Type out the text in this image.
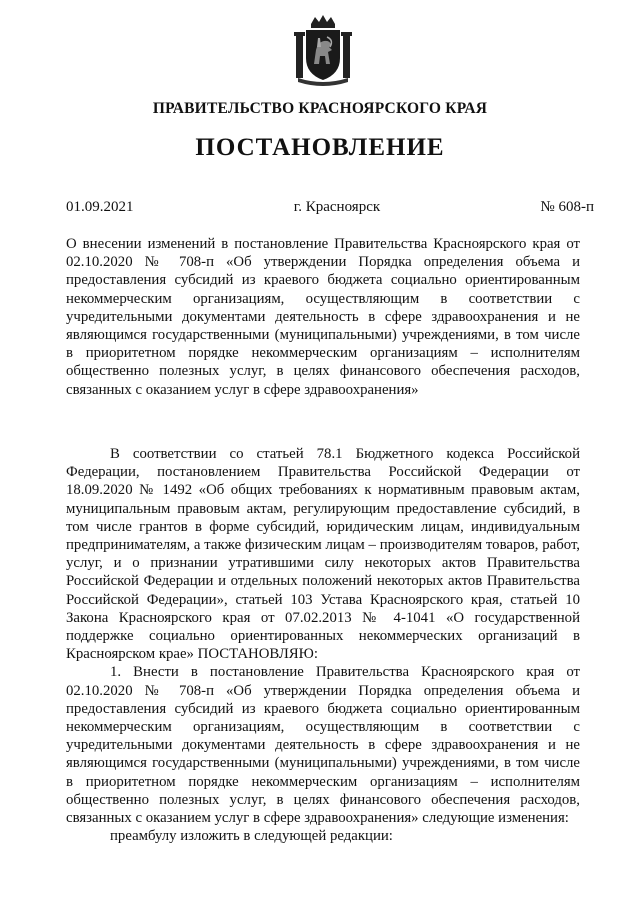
ПРАВИТЕЛЬСТВО КРАСНОЯРСКОГО КРАЯ
ПОСТАНОВЛЕНИЕ
01.09.2021	г. Красноярск	№ 608-п
О внесении изменений в постановление Правительства Красноярского края от 02.10.2020 № 708-п «Об утверждении Порядка определения объема и предоставления субсидий из краевого бюджета социально ориентированным некоммерческим организациям, осуществляющим в соответствии с учредительными документами деятельность в сфере здравоохранения и не являющимся государственными (муниципальными) учреждениями, в том числе в приоритетном порядке некоммерческим организациям – исполнителям общественно полезных услуг, в целях финансового обеспечения расходов, связанных с оказанием услуг в сфере здравоохранения»

В соответствии со статьей 78.1 Бюджетного кодекса Российской Федерации, постановлением Правительства Российской Федерации от 18.09.2020 № 1492 «Об общих требованиях к нормативным правовым актам, муниципальным правовым актам, регулирующим предоставление субсидий, в том числе грантов в форме субсидий, юридическим лицам, индивидуальным предпринимателям, а также физическим лицам – производителям товаров, работ, услуг, и о признании утратившими силу некоторых актов Правительства Российской Федерации и отдельных положений некоторых актов Правительства Российской Федерации», статьей 103 Устава Красноярского края, статьей 10 Закона Красноярского края от 07.02.2013 № 4-1041 «О государственной поддержке социально ориентированных некоммерческих организаций в Красноярском крае» ПОСТАНОВЛЯЮ:

1. Внести в постановление Правительства Красноярского края от 02.10.2020 № 708-п «Об утверждении Порядка определения объема и предоставления субсидий из краевого бюджета социально ориентированным некоммерческим организациям, осуществляющим в соответствии с учредительными документами деятельность в сфере здравоохранения и не являющимся государственными (муниципальными) учреждениями, в том числе в приоритетном порядке некоммерческим организациям – исполнителям общественно полезных услуг, в целях финансового обеспечения расходов, связанных с оказанием услуг в сфере здравоохранения» следующие изменения:

преамбулу изложить в следующей редакции:
